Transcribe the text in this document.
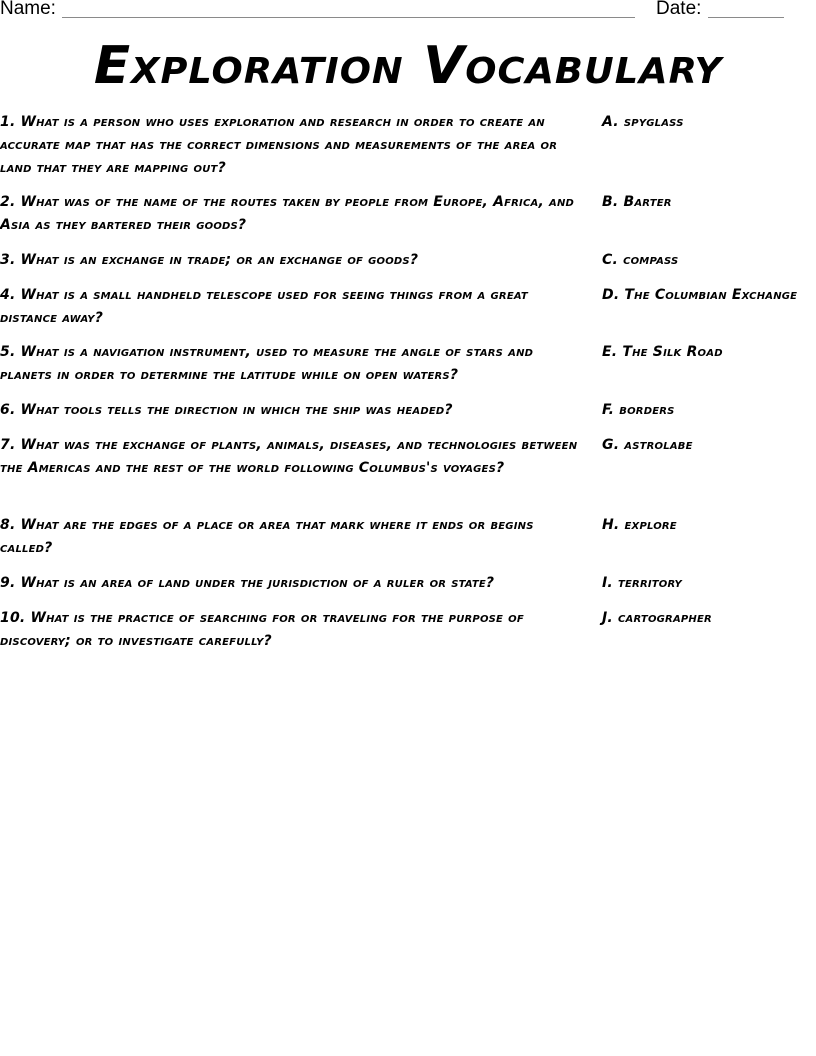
Name:	Date:
Exploration Vocabulary
1. What is a person who uses exploration and research in order to create an accurate map that has the correct dimensions and measurements of the area or land that they are mapping out?
2. What was of the name of the routes taken by people from Europe, Africa, and Asia as they bartered their goods?
3. What is an exchange in trade; or an exchange of goods?
4. What is a small handheld telescope used for seeing things from a great distance away?
5. What is a navigation instrument, used to measure the angle of stars and planets in order to determine the latitude while on open waters?
6. What tools tells the direction in which the ship was headed?
7. What was the exchange of plants, animals, diseases, and technologies between the Americas and the rest of the world following Columbus's voyages?
8. What are the edges of a place or area that mark where it ends or begins called?
9. What is an area of land under the jurisdiction of a ruler or state?
10. What is the practice of searching for or traveling for the purpose of discovery; or to investigate carefully?
A. spyglass
B. Barter
C. compass
D. The Columbian Exchange
E. The Silk Road
F. borders
G. astrolabe
H. explore
I. territory
J. cartographer
